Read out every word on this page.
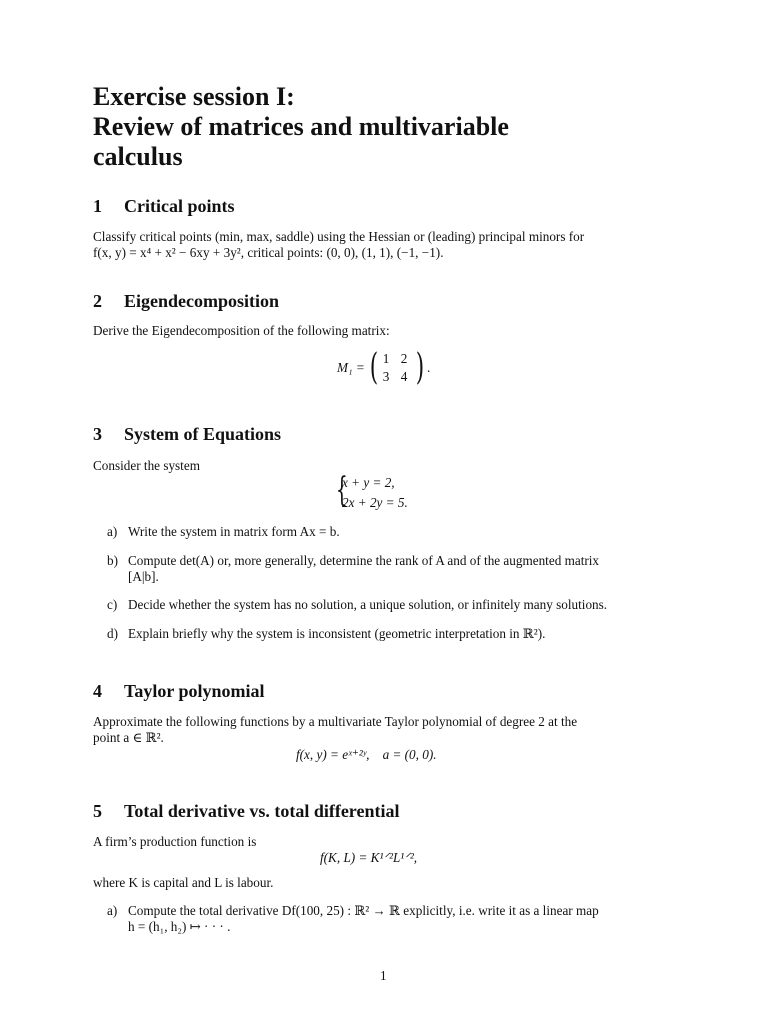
Exercise session I:
Review of matrices and multivariable
calculus
1 Critical points
Classify critical points (min, max, saddle) using the Hessian or (leading) principal minors for
f(x, y) = x⁴ + x² − 6xy + 3y², critical points: (0, 0), (1, 1), (−1, −1).
2 Eigendecomposition
Derive the Eigendecomposition of the following matrix:
M₁ = ( 1 2
3 4 ) .
3 System of Equations
Consider the system
{
x + y = 2,
2x + 2y = 5.
a) Write the system in matrix form Ax = b.
b) Compute det(A) or, more generally, determine the rank of A and of the augmented matrix
[A|b].
c) Decide whether the system has no solution, a unique solution, or infinitely many solutions.
d) Explain briefly why the system is inconsistent (geometric interpretation in ℝ²).
4 Taylor polynomial
Approximate the following functions by a multivariate Taylor polynomial of degree 2 at the
point a ∈ ℝ².
f(x, y) = eˣ⁺²ʸ,    a = (0, 0).
5 Total derivative vs. total differential
A firm’s production function is
f(K, L) = K¹ᐟ²L¹ᐟ²,
where K is capital and L is labour.
a) Compute the total derivative Df(100, 25) : ℝ² → ℝ explicitly, i.e. write it as a linear map
h = (h₁, h₂) ↦ · · · .
1
